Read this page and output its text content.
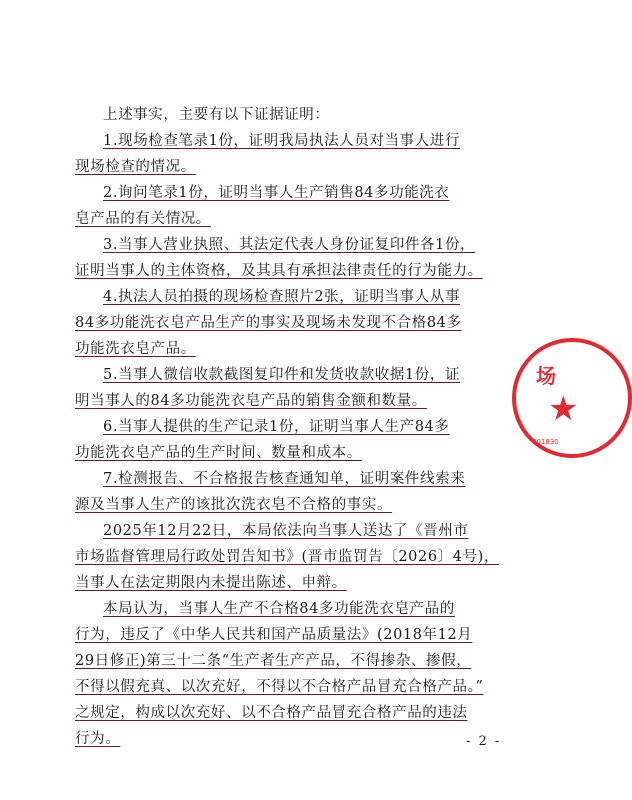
上述事实，主要有以下证据证明：
1.现场检查笔录1份，证明我局执法人员对当事人进行
现场检查的情况。
2.询问笔录1份，证明当事人生产销售84多功能洗衣
皂产品的有关情况。
3.当事人营业执照、其法定代表人身份证复印件各1份，
证明当事人的主体资格，及其具有承担法律责任的行为能力。
4.执法人员拍摄的现场检查照片2张，证明当事人从事
84多功能洗衣皂产品生产的事实及现场未发现不合格84多
功能洗衣皂产品。
5.当事人微信收款截图复印件和发货收款收据1份，证
明当事人的84多功能洗衣皂产品的销售金额和数量。
6.当事人提供的生产记录1份，证明当事人生产84多
功能洗衣皂产品的生产时间、数量和成本。
7.检测报告、不合格报告核查通知单，证明案件线索来
源及当事人生产的该批次洗衣皂不合格的事实。
2025年12月22日，本局依法向当事人送达了《晋州市
市场监督管理局行政处罚告知书》(晋市监罚告〔2026〕4号)，
当事人在法定期限内未提出陈述、申辩。
本局认为，当事人生产不合格84多功能洗衣皂产品的
行为，违反了《中华人民共和国产品质量法》(2018年12月
29日修正)第三十二条“生产者生产产品，不得掺杂、掺假，
不得以假充真、以次充好，不得以不合格产品冒充合格产品。”
之规定，构成以次充好、以不合格产品冒充合格产品的违法
行为。	- 2 -
场
★
301830
